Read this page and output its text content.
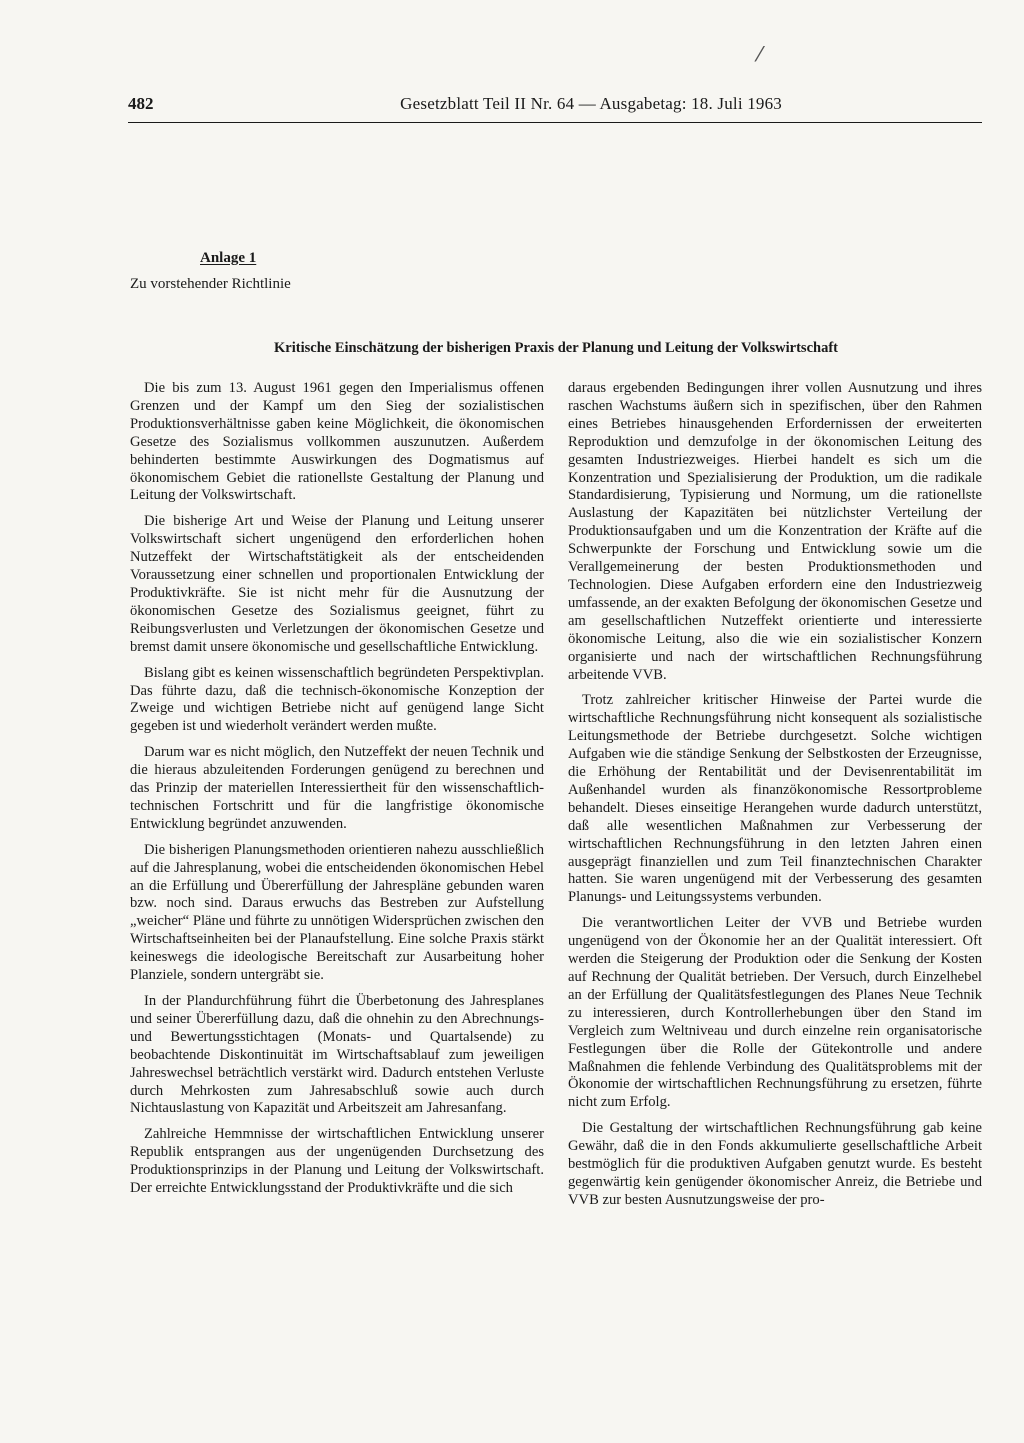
482	Gesetzblatt Teil II Nr. 64 — Ausgabetag: 18. Juli 1963
⁄
Anlage 1
Zu vorstehender Richtlinie
Kritische Einschätzung der bisherigen Praxis der Planung und Leitung der Volkswirtschaft

Die bis zum 13. August 1961 gegen den Imperialismus offenen Grenzen und der Kampf um den Sieg der sozialistischen Produktionsverhältnisse gaben keine Möglichkeit, die ökonomischen Gesetze des Sozialismus vollkommen auszunutzen. Außerdem behinderten bestimmte Auswirkungen des Dogmatismus auf ökonomischem Gebiet die rationellste Gestaltung der Planung und Leitung der Volkswirtschaft.

Die bisherige Art und Weise der Planung und Leitung unserer Volkswirtschaft sichert ungenügend den erforderlichen hohen Nutzeffekt der Wirtschaftstätigkeit als der entscheidenden Voraussetzung einer schnellen und proportionalen Entwicklung der Produktivkräfte. Sie ist nicht mehr für die Ausnutzung der ökonomischen Gesetze des Sozialismus geeignet, führt zu Reibungsverlusten und Verletzungen der ökonomischen Gesetze und bremst damit unsere ökonomische und gesellschaftliche Entwicklung.

Bislang gibt es keinen wissenschaftlich begründeten Perspektivplan. Das führte dazu, daß die technisch-ökonomische Konzeption der Zweige und wichtigen Betriebe nicht auf genügend lange Sicht gegeben ist und wiederholt verändert werden mußte.

Darum war es nicht möglich, den Nutzeffekt der neuen Technik und die hieraus abzuleitenden Forderungen genügend zu berechnen und das Prinzip der materiellen Interessiertheit für den wissenschaftlich-technischen Fortschritt und für die langfristige ökonomische Entwicklung begründet anzuwenden.

Die bisherigen Planungsmethoden orientieren nahezu ausschließlich auf die Jahresplanung, wobei die entscheidenden ökonomischen Hebel an die Erfüllung und Übererfüllung der Jahrespläne gebunden waren bzw. noch sind. Daraus erwuchs das Bestreben zur Aufstellung „weicher“ Pläne und führte zu unnötigen Widersprüchen zwischen den Wirtschaftseinheiten bei der Planaufstellung. Eine solche Praxis stärkt keineswegs die ideologische Bereitschaft zur Ausarbeitung hoher Planziele, sondern untergräbt sie.

In der Plandurchführung führt die Überbetonung des Jahresplanes und seiner Übererfüllung dazu, daß die ohnehin zu den Abrechnungs- und Bewertungsstichtagen (Monats- und Quartalsende) zu beobachtende Diskontinuität im Wirtschaftsablauf zum jeweiligen Jahreswechsel beträchtlich verstärkt wird. Dadurch entstehen Verluste durch Mehrkosten zum Jahresabschluß sowie auch durch Nichtauslastung von Kapazität und Arbeitszeit am Jahresanfang.

Zahlreiche Hemmnisse der wirtschaftlichen Entwicklung unserer Republik entsprangen aus der ungenügenden Durchsetzung des Produktionsprinzips in der Planung und Leitung der Volkswirtschaft. Der erreichte Entwicklungsstand der Produktivkräfte und die sich

daraus ergebenden Bedingungen ihrer vollen Ausnutzung und ihres raschen Wachstums äußern sich in spezifischen, über den Rahmen eines Betriebes hinausgehenden Erfordernissen der erweiterten Reproduktion und demzufolge in der ökonomischen Leitung des gesamten Industriezweiges. Hierbei handelt es sich um die Konzentration und Spezialisierung der Produktion, um die radikale Standardisierung, Typisierung und Normung, um die rationellste Auslastung der Kapazitäten bei nützlichster Verteilung der Produktionsaufgaben und um die Konzentration der Kräfte auf die Schwerpunkte der Forschung und Entwicklung sowie um die Verallgemeinerung der besten Produktionsmethoden und Technologien. Diese Aufgaben erfordern eine den Industriezweig umfassende, an der exakten Befolgung der ökonomischen Gesetze und am gesellschaftlichen Nutzeffekt orientierte und interessierte ökonomische Leitung, also die wie ein sozialistischer Konzern organisierte und nach der wirtschaftlichen Rechnungsführung arbeitende VVB.

Trotz zahlreicher kritischer Hinweise der Partei wurde die wirtschaftliche Rechnungsführung nicht konsequent als sozialistische Leitungsmethode der Betriebe durchgesetzt. Solche wichtigen Aufgaben wie die ständige Senkung der Selbstkosten der Erzeugnisse, die Erhöhung der Rentabilität und der Devisenrentabilität im Außenhandel wurden als finanzökonomische Ressortprobleme behandelt. Dieses einseitige Herangehen wurde dadurch unterstützt, daß alle wesentlichen Maßnahmen zur Verbesserung der wirtschaftlichen Rechnungsführung in den letzten Jahren einen ausgeprägt finanziellen und zum Teil finanztechnischen Charakter hatten. Sie waren ungenügend mit der Verbesserung des gesamten Planungs- und Leitungssystems verbunden.

Die verantwortlichen Leiter der VVB und Betriebe wurden ungenügend von der Ökonomie her an der Qualität interessiert. Oft werden die Steigerung der Produktion oder die Senkung der Kosten auf Rechnung der Qualität betrieben. Der Versuch, durch Einzelhebel an der Erfüllung der Qualitätsfestlegungen des Planes Neue Technik zu interessieren, durch Kontrollerhebungen über den Stand im Vergleich zum Weltniveau und durch einzelne rein organisatorische Festlegungen über die Rolle der Gütekontrolle und andere Maßnahmen die fehlende Verbindung des Qualitätsproblems mit der Ökonomie der wirtschaftlichen Rechnungsführung zu ersetzen, führte nicht zum Erfolg.

Die Gestaltung der wirtschaftlichen Rechnungsführung gab keine Gewähr, daß die in den Fonds akkumulierte gesellschaftliche Arbeit bestmöglich für die produktiven Aufgaben genutzt wurde. Es besteht gegenwärtig kein genügender ökonomischer Anreiz, die Betriebe und VVB zur besten Ausnutzungsweise der pro-
